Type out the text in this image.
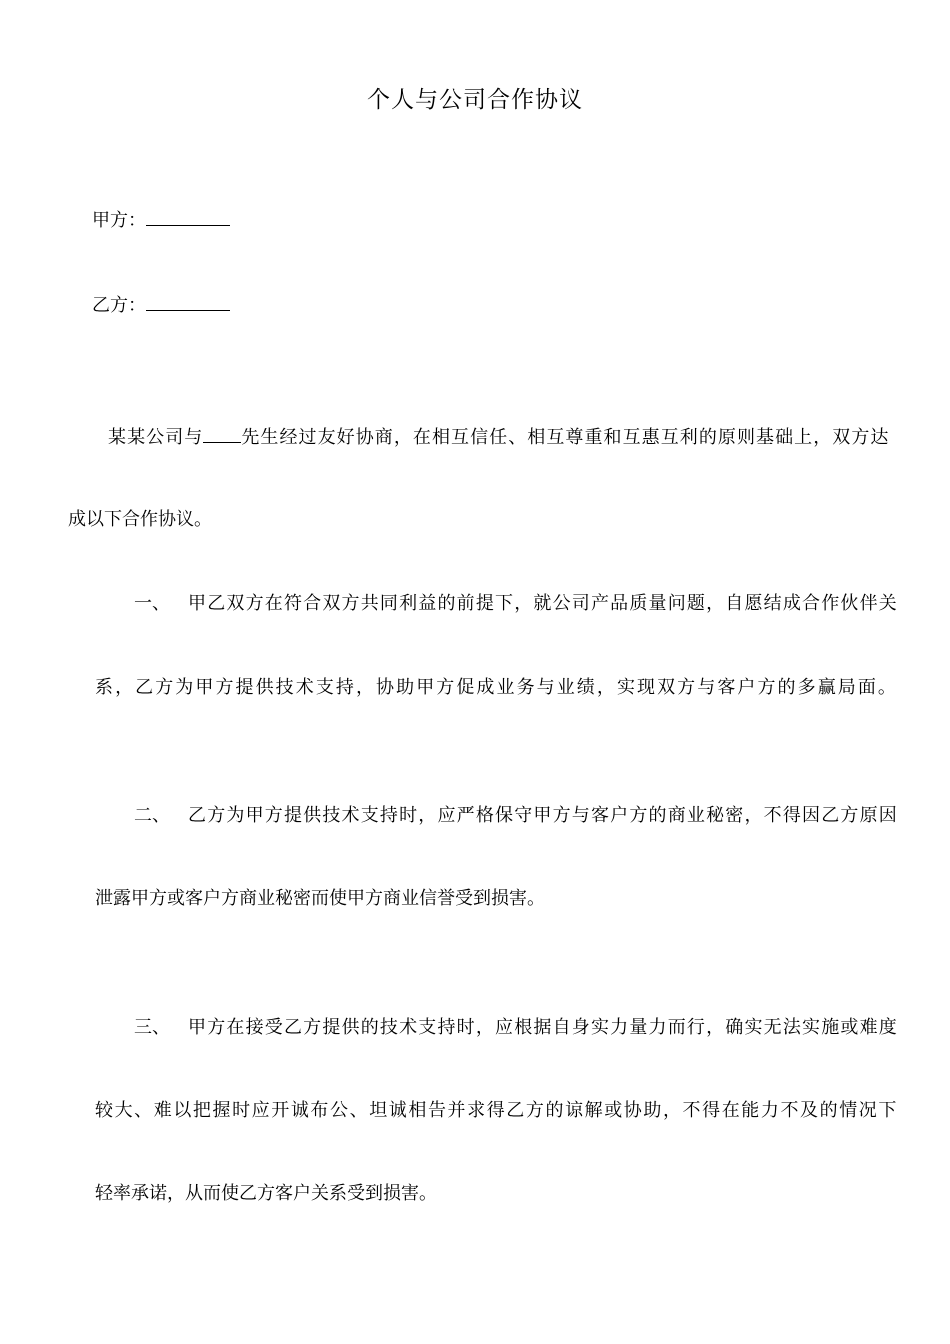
个人与公司合作协议
甲方：
乙方：
某某公司与 先生经过友好协商，在相互信任、相互尊重和互惠互利的原则基础上，双方达
成以下合作协议。
一、 甲乙双方在符合双方共同利益的前提下，就公司产品质量问题，自愿结成合作伙伴关
系，乙方为甲方提供技术支持，协助甲方促成业务与业绩，实现双方与客户方的多赢局面。
二、 乙方为甲方提供技术支持时，应严格保守甲方与客户方的商业秘密，不得因乙方原因
泄露甲方或客户方商业秘密而使甲方商业信誉受到损害。
三、 甲方在接受乙方提供的技术支持时，应根据自身实力量力而行，确实无法实施或难度
较大、难以把握时应开诚布公、坦诚相告并求得乙方的谅解或协助，不得在能力不及的情况下
轻率承诺，从而使乙方客户关系受到损害。
